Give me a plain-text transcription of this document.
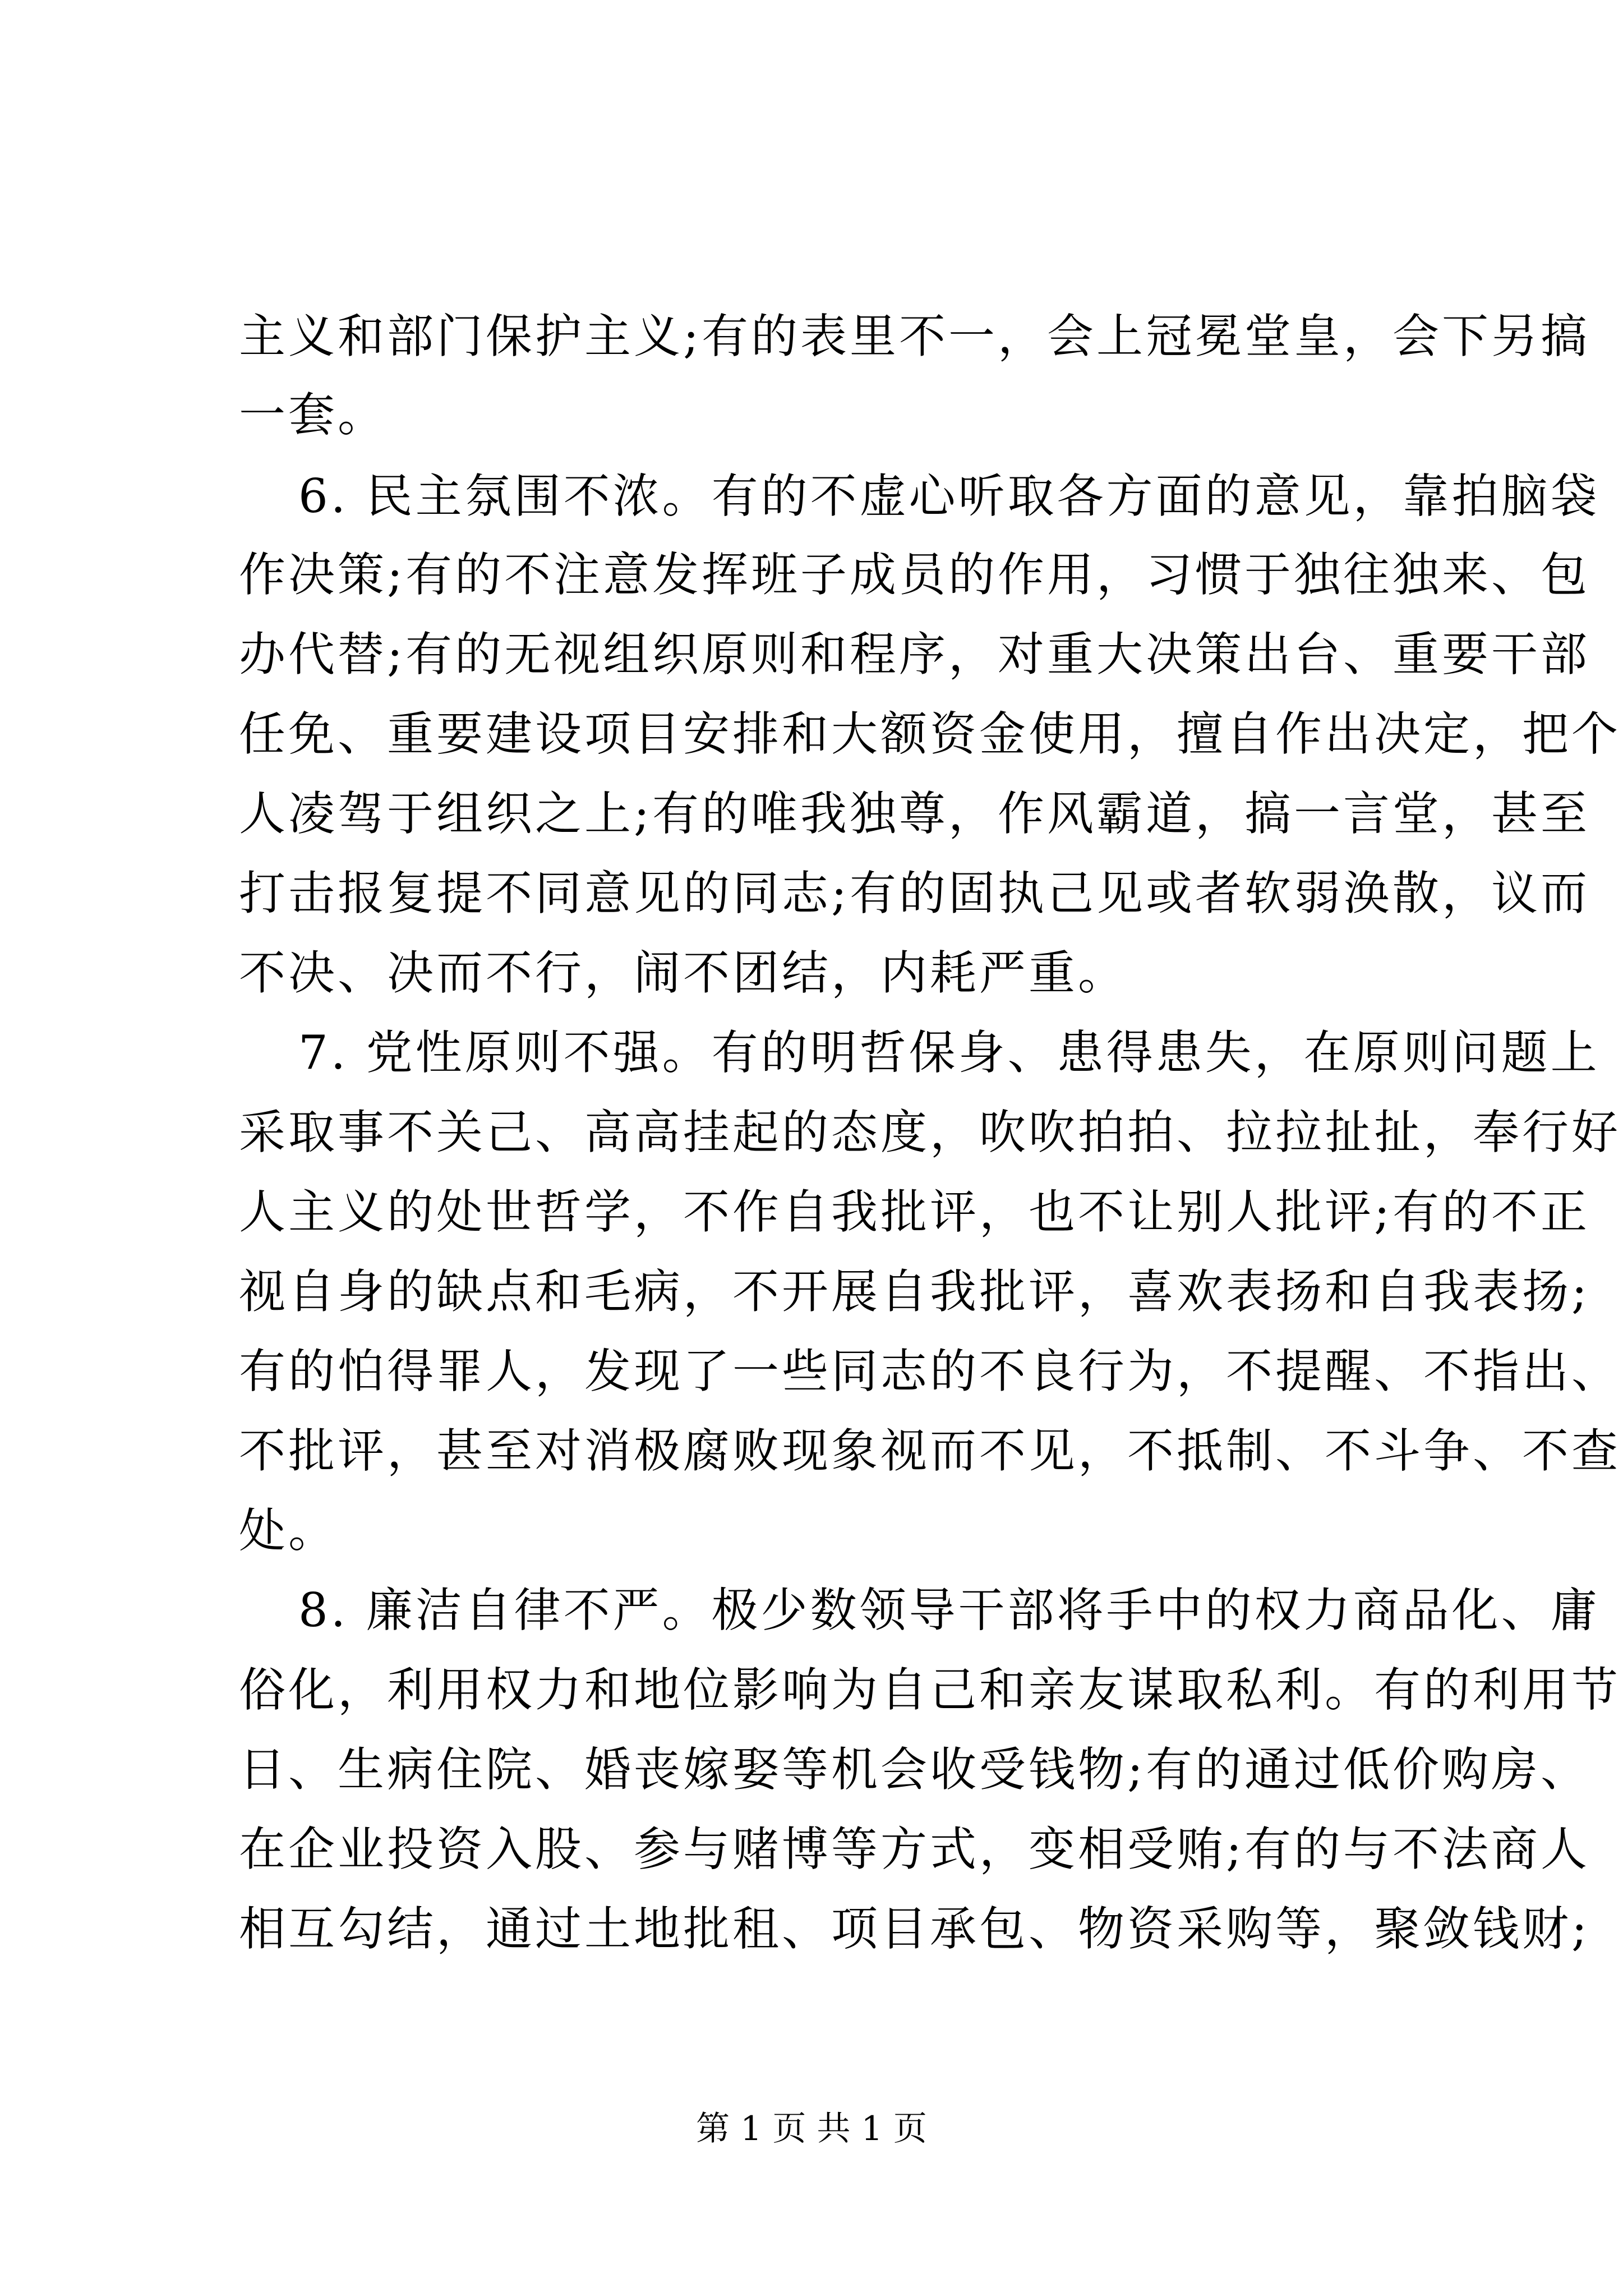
主义和部门保护主义;有的表里不一，会上冠冕堂皇，会下另搞
一套。
6. 民主氛围不浓。有的不虚心听取各方面的意见，靠拍脑袋
作决策;有的不注意发挥班子成员的作用，习惯于独往独来、包
办代替;有的无视组织原则和程序，对重大决策出台、重要干部
任免、重要建设项目安排和大额资金使用，擅自作出决定，把个
人凌驾于组织之上;有的唯我独尊，作风霸道，搞一言堂，甚至
打击报复提不同意见的同志;有的固执己见或者软弱涣散，议而
不决、决而不行，闹不团结，内耗严重。
7. 党性原则不强。有的明哲保身、患得患失，在原则问题上
采取事不关己、高高挂起的态度，吹吹拍拍、拉拉扯扯，奉行好
人主义的处世哲学，不作自我批评，也不让别人批评;有的不正
视自身的缺点和毛病，不开展自我批评，喜欢表扬和自我表扬;
有的怕得罪人，发现了一些同志的不良行为，不提醒、不指出、
不批评，甚至对消极腐败现象视而不见，不抵制、不斗争、不查
处。
8. 廉洁自律不严。极少数领导干部将手中的权力商品化、庸
俗化，利用权力和地位影响为自己和亲友谋取私利。有的利用节
日、生病住院、婚丧嫁娶等机会收受钱物;有的通过低价购房、
在企业投资入股、参与赌博等方式，变相受贿;有的与不法商人
相互勾结，通过土地批租、项目承包、物资采购等，聚敛钱财;
第 1 页 共 1 页
